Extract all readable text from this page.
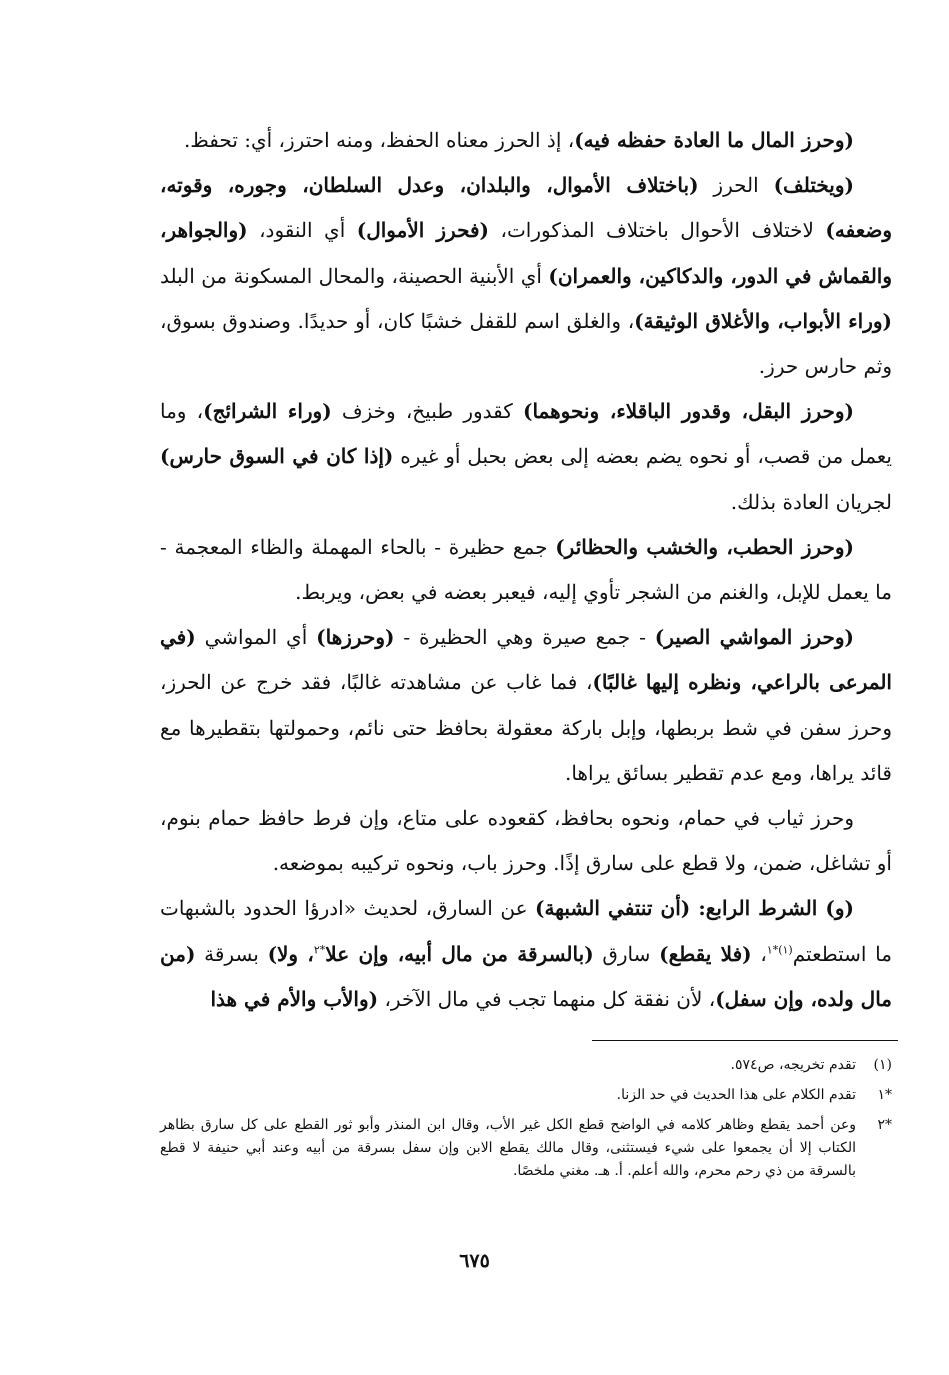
(وحرز المال ما العادة حفظه فيه)، إذ الحرز معناه الحفظ، ومنه احترز، أي: تحفظ.

(ويختلف) الحرز (باختلاف الأموال، والبلدان، وعدل السلطان، وجوره، وقوته، وضعفه) لاختلاف الأحوال باختلاف المذكورات، (فحرز الأموال) أي النقود، (والجواهر، والقماش في الدور، والدكاكين، والعمران) أي الأبنية الحصينة، والمحال المسكونة من البلد (وراء الأبواب، والأغلاق الوثيقة)، والغلق اسم للقفل خشبًا كان، أو حديدًا. وصندوق بسوق، وثم حارس حرز.

(وحرز البقل، وقدور الباقلاء، ونحوهما) كقدور طبيخ، وخزف (وراء الشرائج)، وما يعمل من قصب، أو نحوه يضم بعضه إلى بعض بحبل أو غيره (إذا كان في السوق حارس) لجريان العادة بذلك.

(وحرز الحطب، والخشب والحظائر) جمع حظيرة - بالحاء المهملة والظاء المعجمة - ما يعمل للإبل، والغنم من الشجر تأوي إليه، فيعبر بعضه في بعض، ويربط.

(وحرز المواشي الصير) - جمع صيرة وهي الحظيرة - (وحرزها) أي المواشي (في المرعى بالراعي، ونظره إليها غالبًا)، فما غاب عن مشاهدته غالبًا، فقد خرج عن الحرز، وحرز سفن في شط بربطها، وإبل باركة معقولة بحافظ حتى نائم، وحمولتها بتقطيرها مع قائد يراها، ومع عدم تقطير بسائق يراها.

وحرز ثياب في حمام، ونحوه بحافظ، كقعوده على متاع، وإن فرط حافظ حمام بنوم، أو تشاغل، ضمن، ولا قطع على سارق إذًا. وحرز باب، ونحوه تركيبه بموضعه.

(و) الشرط الرابع: (أن تنتفي الشبهة) عن السارق، لحديث «ادرؤا الحدود بالشبهات ما استطعتم$^{(١)*١}$، (فلا يقطع) سارق (بالسرقة من مال أبيه، وإن علا$^{*٢}$، ولا) بسرقة (من مال ولده، وإن سفل)، لأن نفقة كل منهما تجب في مال الآخر، (والأب والأم في هذا

(١)
تقدم تخريجه، ص٥٧٤.
*١
تقدم الكلام على هذا الحديث في حد الزنا.
*٢
وعن أحمد يقطع وظاهر كلامه في الواضح قطع الكل غير الأب، وقال ابن المنذر وأبو ثور القطع على كل سارق بظاهر الكتاب إلا أن يجمعوا على شيء فيستثنى، وقال مالك يقطع الابن وإن سفل بسرقة من أبيه وعند أبي حنيفة لا قطع بالسرقة من ذي رحم محرم، والله أعلم. أ. هـ. مغني ملخصًا.
٦٧٥
